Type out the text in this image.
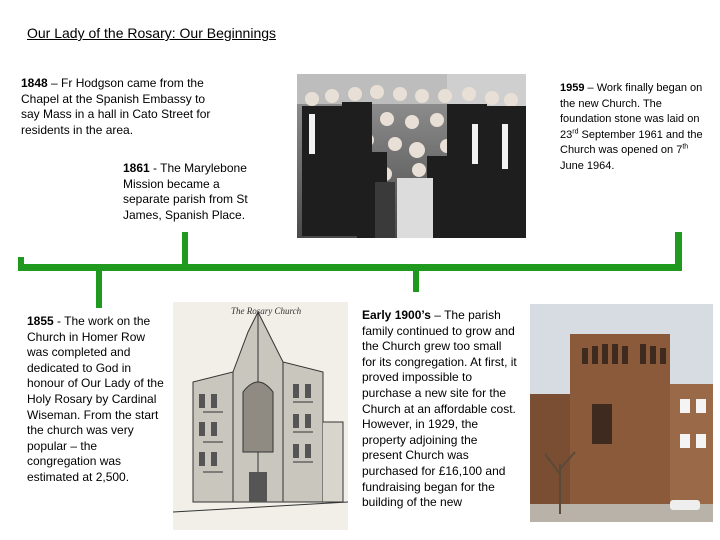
Our Lady of the Rosary: Our Beginnings
1848 – Fr Hodgson came from the Chapel at the Spanish Embassy to say Mass in a hall in Cato Street for residents in the area.
1861 - The Marylebone Mission became a separate parish from St James, Spanish Place.
1959 – Work finally began on the new Church. The foundation stone was laid on 23rd September 1961 and the Church was opened on 7th June 1964.
1855 - The work on the Church in Homer Row was completed and dedicated to God in honour of Our Lady of the Holy Rosary by Cardinal Wiseman. From the start the church was very popular – the congregation was estimated at 2,500.
The Rosary Church	Early 1900’s – The parish family continued to grow and the Church grew too small for its congregation. At first, it proved impossible to purchase a new site for the Church at an affordable cost. However, in 1929, the property adjoining the present Church was purchased for £16,100 and fundraising began for the building of the new
